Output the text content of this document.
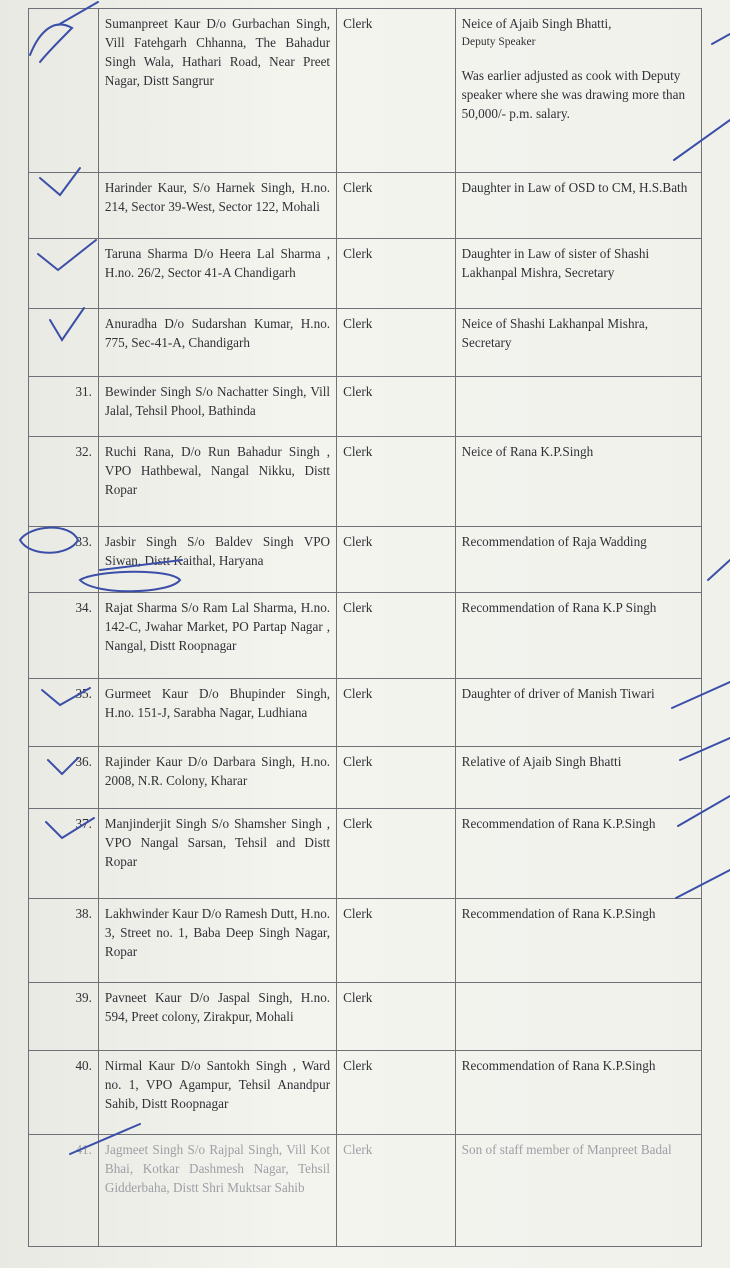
	Sumanpreet Kaur D/o Gurbachan Singh, Vill Fatehgarh Chhanna, The Bahadur Singh Wala, Hathari Road, Near Preet Nagar, Distt Sangrur	Clerk	Neice of Ajaib Singh Bhatti,
Deputy Speaker
Was earlier adjusted as cook with Deputy speaker where she was drawing more than 50,000/- p.m. salary.
	Harinder Kaur, S/o Harnek Singh, H.no. 214, Sector 39-West, Sector 122, Mohali	Clerk	Daughter in Law of OSD to CM, H.S.Bath
	Taruna Sharma D/o Heera Lal Sharma , H.no. 26/2, Sector 41-A Chandigarh	Clerk	Daughter in Law of sister of Shashi Lakhanpal Mishra, Secretary
	Anuradha D/o Sudarshan Kumar, H.no. 775, Sec-41-A, Chandigarh	Clerk	Neice of Shashi Lakhanpal Mishra, Secretary
31.	Bewinder Singh S/o Nachatter Singh, Vill Jalal, Tehsil Phool, Bathinda	Clerk	
32.	Ruchi Rana, D/o Run Bahadur Singh , VPO Hathbewal, Nangal Nikku, Distt Ropar	Clerk	Neice of Rana K.P.Singh
33.	Jasbir Singh S/o Baldev Singh VPO Siwan, Distt Kaithal, Haryana	Clerk	Recommendation of Raja Wadding
34.	Rajat Sharma S/o Ram Lal Sharma, H.no. 142-C, Jwahar Market, PO Partap Nagar , Nangal, Distt Roopnagar	Clerk	Recommendation of Rana K.P Singh
35.	Gurmeet Kaur D/o Bhupinder Singh, H.no. 151-J, Sarabha Nagar, Ludhiana	Clerk	Daughter of driver of Manish Tiwari
36.	Rajinder Kaur D/o Darbara Singh, H.no. 2008, N.R. Colony, Kharar	Clerk	Relative of Ajaib Singh Bhatti
37.	Manjinderjit Singh S/o Shamsher Singh , VPO Nangal Sarsan, Tehsil and Distt Ropar	Clerk	Recommendation of Rana K.P.Singh
38.	Lakhwinder Kaur D/o Ramesh Dutt, H.no. 3, Street no. 1, Baba Deep Singh Nagar, Ropar	Clerk	Recommendation of Rana K.P.Singh
39.	Pavneet Kaur D/o Jaspal Singh, H.no. 594, Preet colony, Zirakpur, Mohali	Clerk	
40.	Nirmal Kaur D/o Santokh Singh , Ward no. 1, VPO Agampur, Tehsil Anandpur Sahib, Distt Roopnagar	Clerk	Recommendation of Rana K.P.Singh
41.	Jagmeet Singh S/o Rajpal Singh, Vill Kot Bhai, Kotkar Dashmesh Nagar, Tehsil Gidderbaha, Distt Shri Muktsar Sahib	Clerk	Son of staff member of Manpreet Badal
